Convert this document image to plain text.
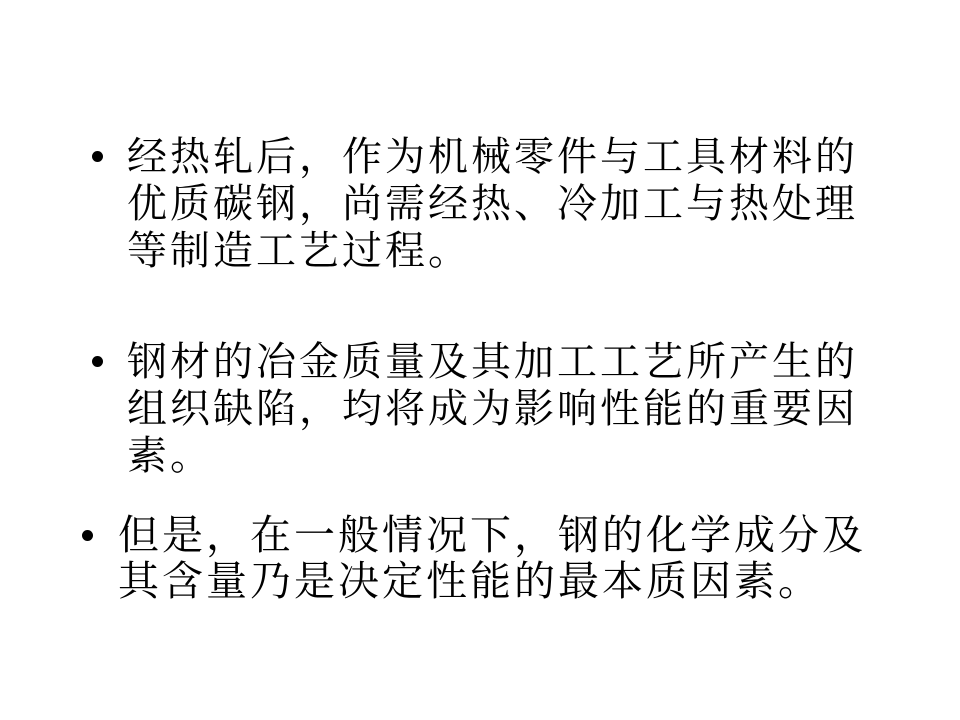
经热轧后，作为机械零件与工具材料的
优质碳钢，尚需经热、冷加工与热处理
等制造工艺过程。
钢材的冶金质量及其加工工艺所产生的
组织缺陷，均将成为影响性能的重要因
素。
但是，在一般情况下，钢的化学成分及
其含量乃是决定性能的最本质因素。
